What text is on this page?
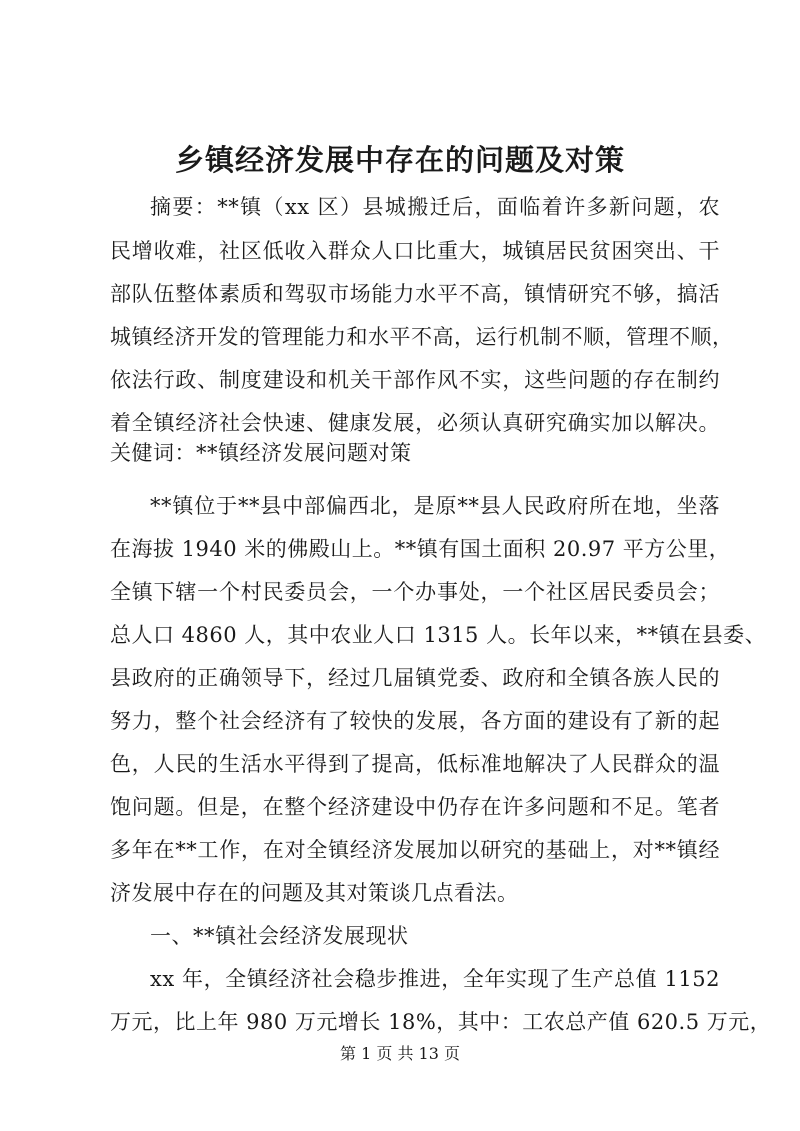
乡镇经济发展中存在的问题及对策
摘要：**镇（xx 区）县城搬迁后，面临着许多新问题，农
民增收难，社区低收入群众人口比重大，城镇居民贫困突出、干
部队伍整体素质和驾驭市场能力水平不高，镇情研究不够，搞活
城镇经济开发的管理能力和水平不高，运行机制不顺，管理不顺，
依法行政、制度建设和机关干部作风不实，这些问题的存在制约
着全镇经济社会快速、健康发展，必须认真研究确实加以解决。
关健词：**镇经济发展问题对策
**镇位于**县中部偏西北，是原**县人民政府所在地，坐落
在海拔 1940 米的佛殿山上。**镇有国土面积 20.97 平方公里，
全镇下辖一个村民委员会，一个办事处，一个社区居民委员会；
总人口 4860 人，其中农业人口 1315 人。长年以来，**镇在县委、
县政府的正确领导下，经过几届镇党委、政府和全镇各族人民的
努力，整个社会经济有了较快的发展，各方面的建设有了新的起
色，人民的生活水平得到了提高，低标准地解决了人民群众的温
饱问题。但是，在整个经济建设中仍存在许多问题和不足。笔者
多年在**工作，在对全镇经济发展加以研究的基础上，对**镇经
济发展中存在的问题及其对策谈几点看法。
一、**镇社会经济发展现状
xx 年，全镇经济社会稳步推进，全年实现了生产总值 1152
万元，比上年 980 万元增长 18%，其中：工农总产值 620.5 万元，
第 1 页 共 13 页
